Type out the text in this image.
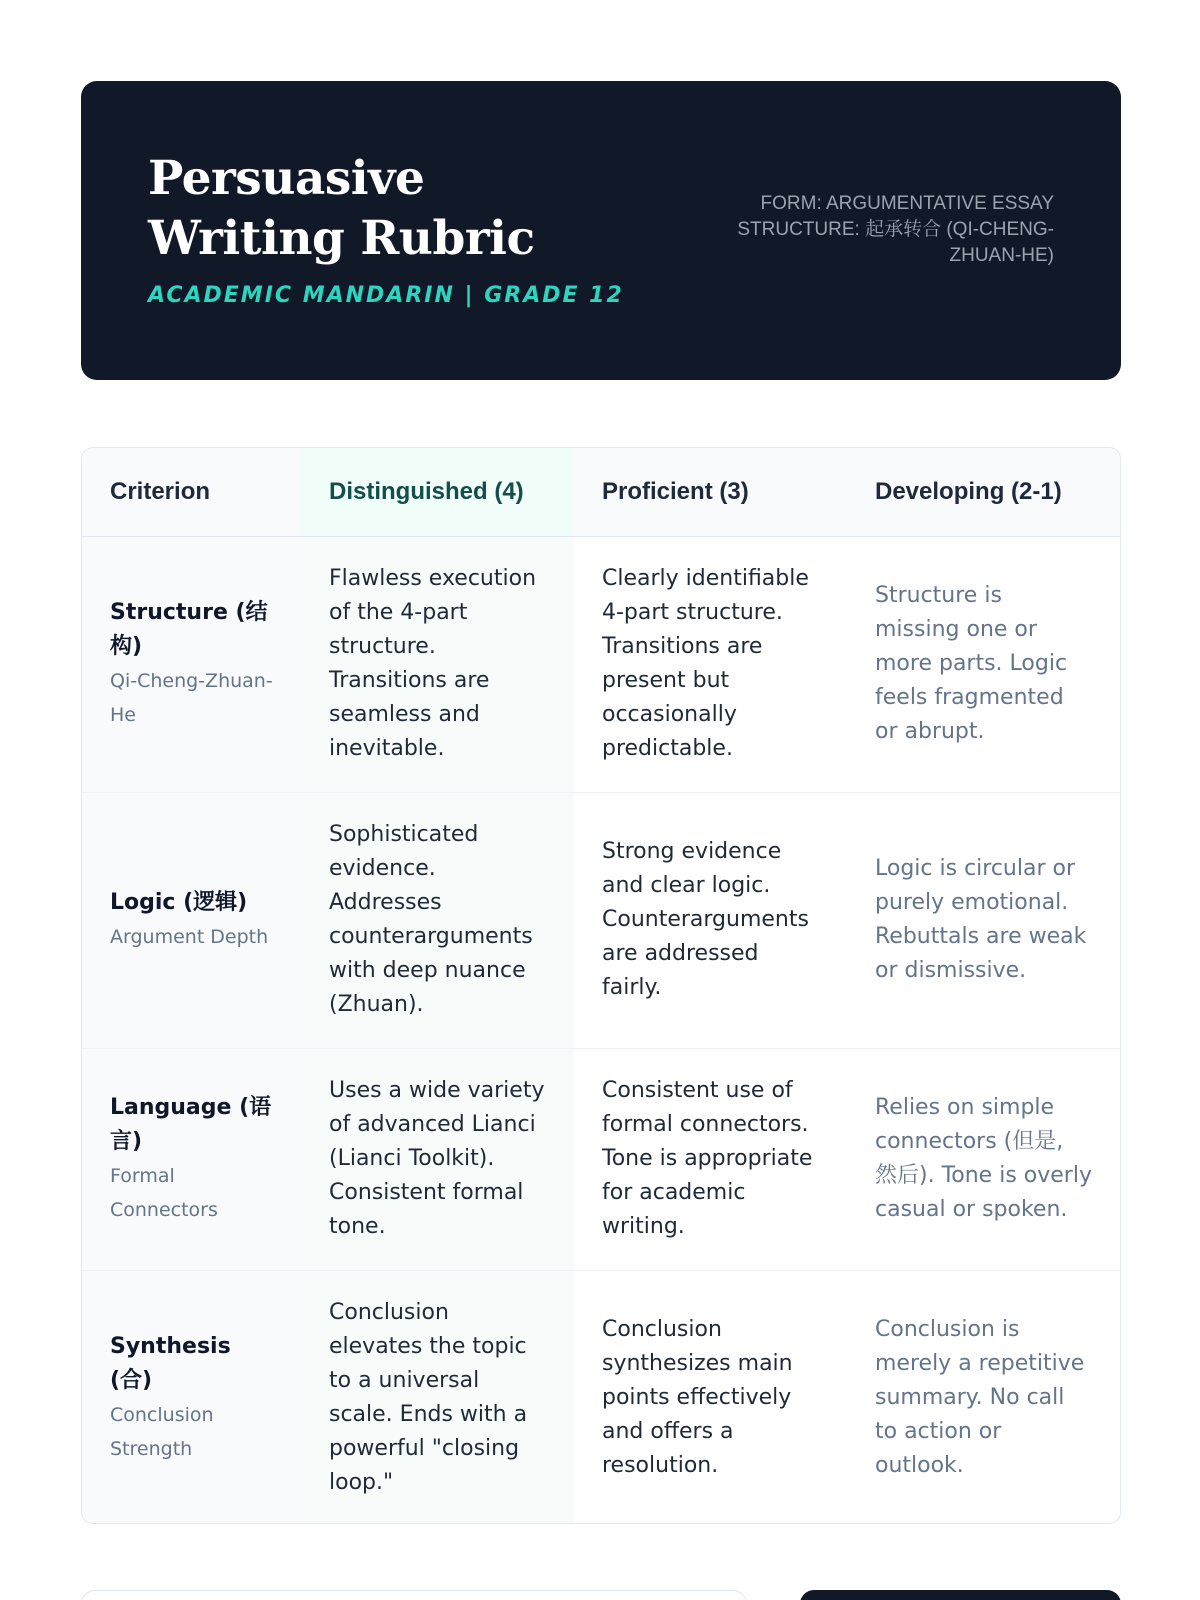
Persuasive Writing Rubric

ACADEMIC MANDARIN | GRADE 12

FORM: ARGUMENTATIVE ESSAY
STRUCTURE: 起承转合 (QI-CHENG-ZHUAN-HE)
Criterion	Distinguished (4)	Proficient (3)	Developing (2-1)

Structure (结构)
Qi-Cheng-Zhuan-He	Flawless execution of the 4-part structure. Transitions are seamless and inevitable.	Clearly identifiable 4-part structure. Transitions are present but occasionally predictable.	Structure is missing one or more parts. Logic feels fragmented or abrupt.

Logic (逻辑)
Argument Depth	Sophisticated evidence. Addresses counterarguments with deep nuance (Zhuan).	Strong evidence and clear logic. Counterarguments are addressed fairly.	Logic is circular or purely emotional. Rebuttals are weak or dismissive.

Language (语言)
Formal Connectors	Uses a wide variety of advanced Lianci (Lianci Toolkit). Consistent formal tone.	Consistent use of formal connectors. Tone is appropriate for academic writing.	Relies on simple connectors (但是, 然后). Tone is overly casual or spoken.

Synthesis (合)
Conclusion Strength	Conclusion elevates the topic to a universal scale. Ends with a powerful "closing loop."	Conclusion synthesizes main points effectively and offers a resolution.	Conclusion is merely a repetitive summary. No call to action or outlook.
